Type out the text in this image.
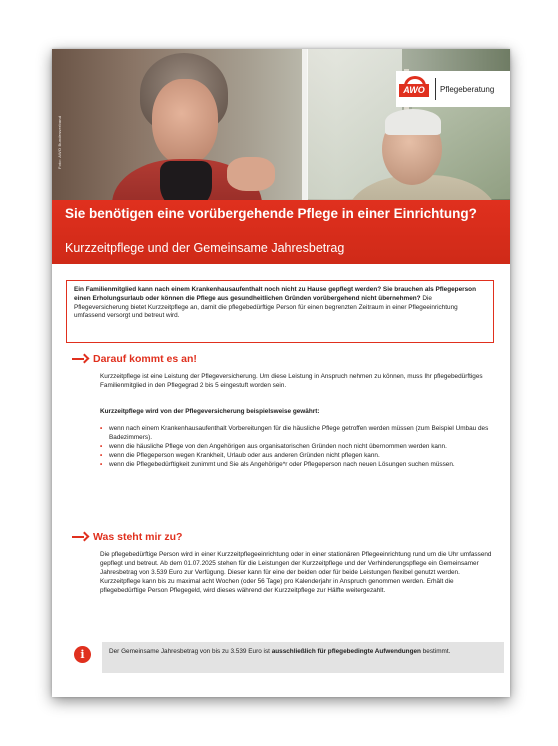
Foto: AWO Bundesverband
AWO	Pflegeberatung
Sie benötigen eine vorübergehende Pflege in einer Einrichtung?
Kurzzeitpflege und der Gemeinsame Jahresbetrag
Ein Familienmitglied kann nach einem Krankenhausaufenthalt noch nicht zu Hause gepflegt werden? Sie brauchen als Pflegeperson einen Erholungsurlaub oder können die Pflege aus gesundheitlichen Gründen vorübergehend nicht übernehmen? Die Pflegeversicherung bietet Kurzzeitpflege an, damit die pflegebedürftige Person für einen begrenzten Zeitraum in einer Pflegeeinrichtung umfassend versorgt und betreut wird.
Darauf kommt es an!
Kurzzeitpflege ist eine Leistung der Pflegeversicherung. Um diese Leistung in Anspruch nehmen zu können, muss Ihr pflegebedürftiges Familienmitglied in den Pflegegrad 2 bis 5 eingestuft worden sein.
Kurzzeitpflege wird von der Pflegeversicherung beispielsweise gewährt:
• wenn nach einem Krankenhausaufenthalt Vorbereitungen für die häusliche Pflege getroffen werden müssen (zum Beispiel Umbau des Badezimmers).
• wenn die häusliche Pflege von den Angehörigen aus organisatorischen Gründen noch nicht übernommen werden kann.
• wenn die Pflegeperson wegen Krankheit, Urlaub oder aus anderen Gründen nicht pflegen kann.
• wenn die Pflegebedürftigkeit zunimmt und Sie als Angehörige*r oder Pflegeperson nach neuen Lösungen suchen müssen.
Was steht mir zu?
Die pflegebedürftige Person wird in einer Kurzzeitpflegeeinrichtung oder in einer stationären Pflegeeinrichtung rund um die Uhr umfassend gepflegt und betreut. Ab dem 01.07.2025 stehen für die Leistungen der Kurzzeitpflege und der Verhinderungspflege ein Gemeinsamer Jahresbetrag von 3.539 Euro zur Verfügung. Dieser kann für eine der beiden oder für beide Leistungen flexibel genutzt werden. Kurzzeitpflege kann bis zu maximal acht Wochen (oder 56 Tage) pro Kalenderjahr in Anspruch genommen werden. Erhält die pflegebedürftige Person Pflegegeld, wird dieses während der Kurzzeitpflege zur Hälfte weitergezahlt.
i	Der Gemeinsame Jahresbetrag von bis zu 3.539 Euro ist ausschließlich für pflegebedingte Aufwendungen bestimmt.
